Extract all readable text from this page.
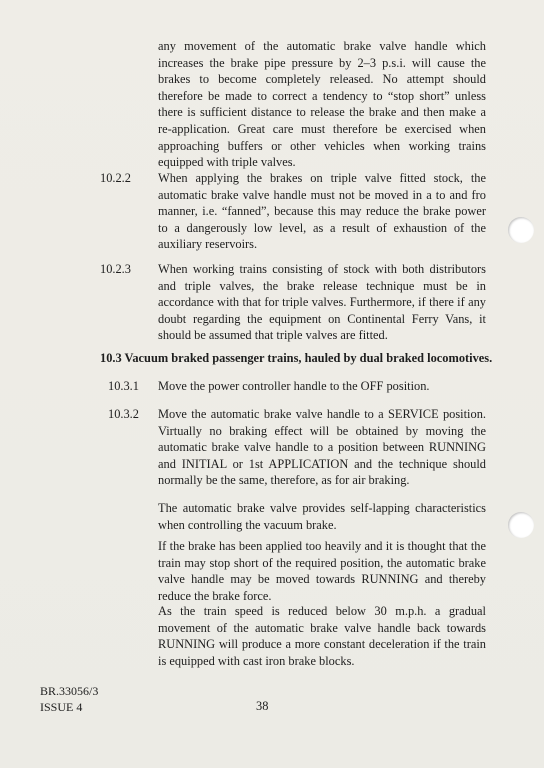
any movement of the automatic brake valve handle which increases the brake pipe pressure by 2–3 p.s.i. will cause the brakes to become completely released. No attempt should therefore be made to correct a tendency to “stop short” unless there is sufficient distance to release the brake and then make a re-application. Great care must therefore be exercised when approaching buffers or other vehicles when working trains equipped with triple valves.

10.2.2 When applying the brakes on triple valve fitted stock, the automatic brake valve handle must not be moved in a to and fro manner, i.e. “fanned”, because this may reduce the brake power to a dangerously low level, as a result of exhaustion of the auxiliary reservoirs.

10.2.3 When working trains consisting of stock with both distributors and triple valves, the brake release technique must be in accordance with that for triple valves. Furthermore, if there if any doubt regarding the equipment on Continental Ferry Vans, it should be assumed that triple valves are fitted.

10.3 Vacuum braked passenger trains, hauled by dual braked locomotives.

10.3.1 Move the power controller handle to the OFF position.

10.3.2 Move the automatic brake valve handle to a SERVICE position. Virtually no braking effect will be obtained by moving the automatic brake valve handle to a position between RUNNING and INITIAL or 1st APPLICATION and the technique should normally be the same, therefore, as for air braking.

The automatic brake valve provides self-lapping characteristics when controlling the vacuum brake.

If the brake has been applied too heavily and it is thought that the train may stop short of the required position, the automatic brake valve handle may be moved towards RUNNING and thereby reduce the brake force.

As the train speed is reduced below 30 m.p.h. a gradual movement of the automatic brake valve handle back towards RUNNING will produce a more constant deceleration if the train is equipped with cast iron brake blocks.

BR.33056/3
ISSUE 4	38
